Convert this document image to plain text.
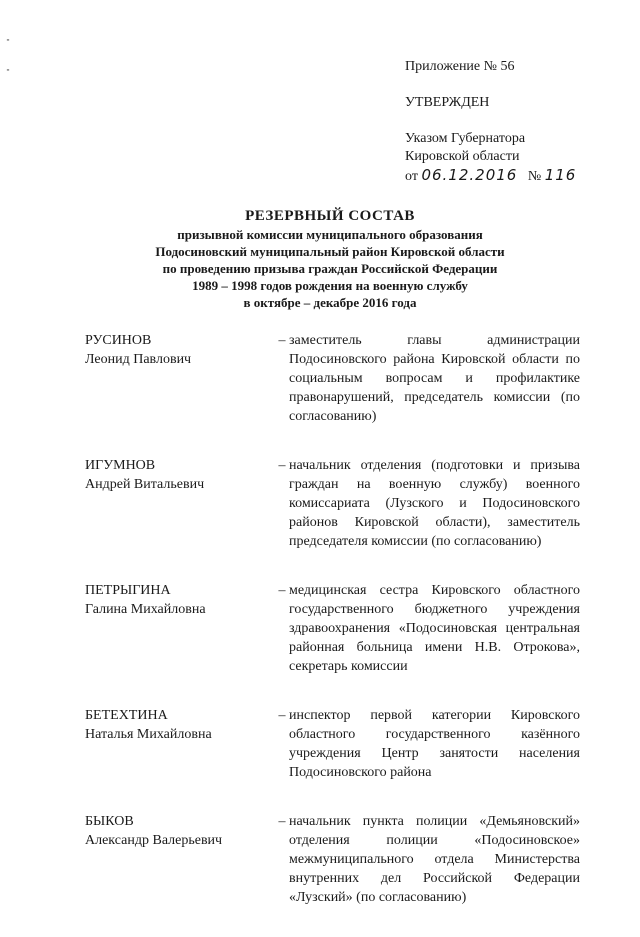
Приложение № 56
УТВЕРЖДЕН
Указом Губернатора
Кировской области
от 06.12.2016 № 116
РЕЗЕРВНЫЙ СОСТАВ
призывной комиссии муниципального образования
Подосиновский муниципальный район Кировской области
по проведению призыва граждан Российской Федерации
1989 – 1998 годов рождения на военную службу
в октябре – декабре 2016 года
РУСИНОВ
Леонид Павлович
– заместитель главы администрации Подосиновского района Кировской области по социальным вопросам и профилактике правонарушений, председатель комиссии (по согласованию)
ИГУМНОВ
Андрей Витальевич
– начальник отделения (подготовки и призыва граждан на военную службу) военного комиссариата (Лузского и Подосиновского районов Кировской области), заместитель председателя комиссии (по согласованию)
ПЕТРЫГИНА
Галина Михайловна
– медицинская сестра Кировского областного государственного бюджетного учреждения здравоохранения «Подосиновская центральная районная больница имени Н.В. Отрокова», секретарь комиссии
БЕТЕХТИНА
Наталья Михайловна
– инспектор первой категории Кировского областного государственного казённого учреждения Центр занятости населения Подосиновского района
БЫКОВ
Александр Валерьевич
– начальник пункта полиции «Демьяновский» отделения полиции «Подосиновское» межмуниципального отдела Министерства внутренних дел Российской Федерации «Лузский» (по согласованию)
